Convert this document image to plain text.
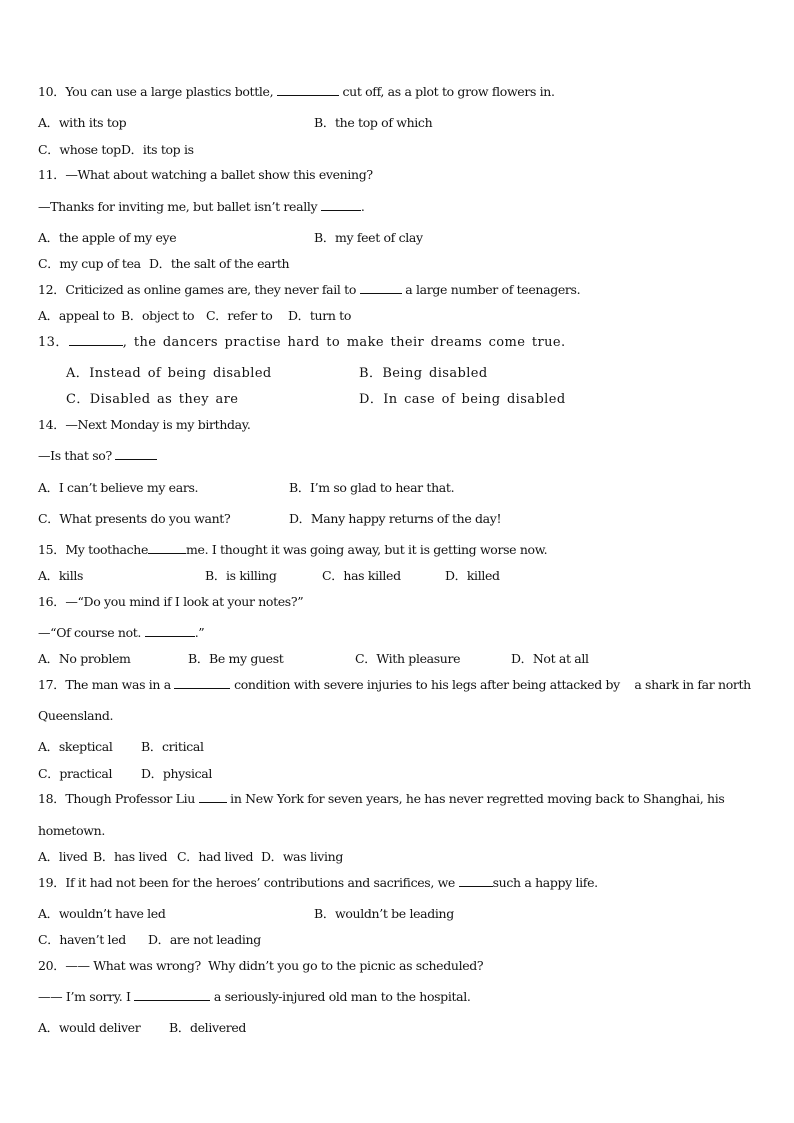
10．You can use a large plastics bottle,	cut off, as a plot to grow flowers in.
A．with its top	B．the top of which
C．whose top D．its top is
11．—What about watching a ballet show this evening?
—Thanks for inviting me, but ballet isn’t really	.
A．the apple of my eye	B．my feet of clay
C．my cup of tea D．the salt of the earth
12．Criticized as online games are, they never fail to	a large number of teenagers.
A．appeal to B．object to C．refer to D．turn to
13．	, the dancers practise hard to make their dreams come true.
A．Instead of being disabled	B．Being disabled
C．Disabled as they are	D．In case of being disabled
14．—Next Monday is my birthday.
—Is that so?
A．I can’t believe my ears.	B．I’m so glad to hear that.
C．What presents do you want?	D．Many happy returns of the day!
15．My toothache	me. I thought it was going away, but it is getting worse now.
A．kills	B．is killing	C．has killed	D．killed
16．—“Do you mind if I look at your notes?”
—“Of course not.	.”
A．No problem	B．Be my guest	C．With pleasure	D．Not at all
17．The man was in a	condition with severe injuries to his legs after being attacked by    a shark in far north
Queensland.
A．skeptical B．critical
C．practical D．physical
18．Though Professor Liu  in New York for seven years, he has never regretted moving back to Shanghai, his
hometown.
A．lived B．has lived C．had lived D．was living
19．If it had not been for the heroes’ contributions and sacrifices, we	such a happy life.
A．wouldn’t have led	B．wouldn’t be leading
C．haven’t led D．are not leading
20．—— What was wrong?  Why didn’t you go to the picnic as scheduled?
—— I’m sorry. I	a seriously-injured old man to the hospital.
A．would deliver B．delivered
